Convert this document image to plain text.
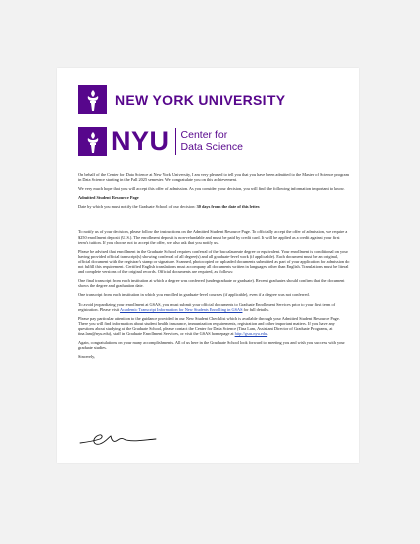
NEW YORK UNIVERSITY
NYU Center for
Data Science

On behalf of the Center for Data Science at New York University, I am very pleased to tell you that you have been admitted to the Master of Science program in Data Science starting in the Fall 2025 semester. We congratulate you on this achievement.

We very much hope that you will accept this offer of admission. As you consider your decision, you will find the following information important to know.

Admitted Student Resource Page

Date by which you must notify the Graduate School of our decision: 30 days from the date of this letter.

To notify us of your decision, please follow the instructions on the Admitted Student Resource Page. To officially accept the offer of admission, we require a $250 enrollment deposit (U.S.). The enrollment deposit is non-refundable and must be paid by credit card. It will be applied as a credit against your first term's tuition. If you choose not to accept the offer, we also ask that you notify us.

Please be advised that enrollment in the Graduate School requires conferral of the baccalaureate degree or equivalent. Your enrollment is conditional on your having provided official transcript(s) showing conferral of all degree(s) and all graduate-level work (if applicable). Each document must be an original, official document with the registrar's stamp or signature. Scanned, photocopied or uploaded documents submitted as part of your application for admission do not fulfill this requirement. Certified English translations must accompany all documents written in languages other than English. Translations must be literal and complete versions of the original records. Official documents are required, as follows:

One final transcript from each institution at which a degree was conferred (undergraduate or graduate). Recent graduates should confirm that the document shows the degree and graduation date.

One transcript from each institution in which you enrolled in graduate-level courses (if applicable), even if a degree was not conferred.

To avoid jeopardizing your enrollment at GSAS, you must submit your official documents to Graduate Enrollment Services prior to your first term of registration. Please visit Academic Transcript Information for New Students Enrolling in GSAS for full details.

Please pay particular attention to the guidance provided in our New Student Checklist which is available through your Admitted Student Resource Page. There you will find information about student health insurance, immunization requirements, registration and other important matters. If you have any questions about studying at the Graduate School, please contact the Center for Data Science (Tina Lam, Assistant Director of Graduate Programs, at tina.lam@nyu.edu), staff in Graduate Enrollment Services, or visit the GSAS homepage at http://gsas.nyu.edu.

Again, congratulations on your many accomplishments. All of us here in the Graduate School look forward to meeting you and wish you success with your graduate studies.

Sincerely,
